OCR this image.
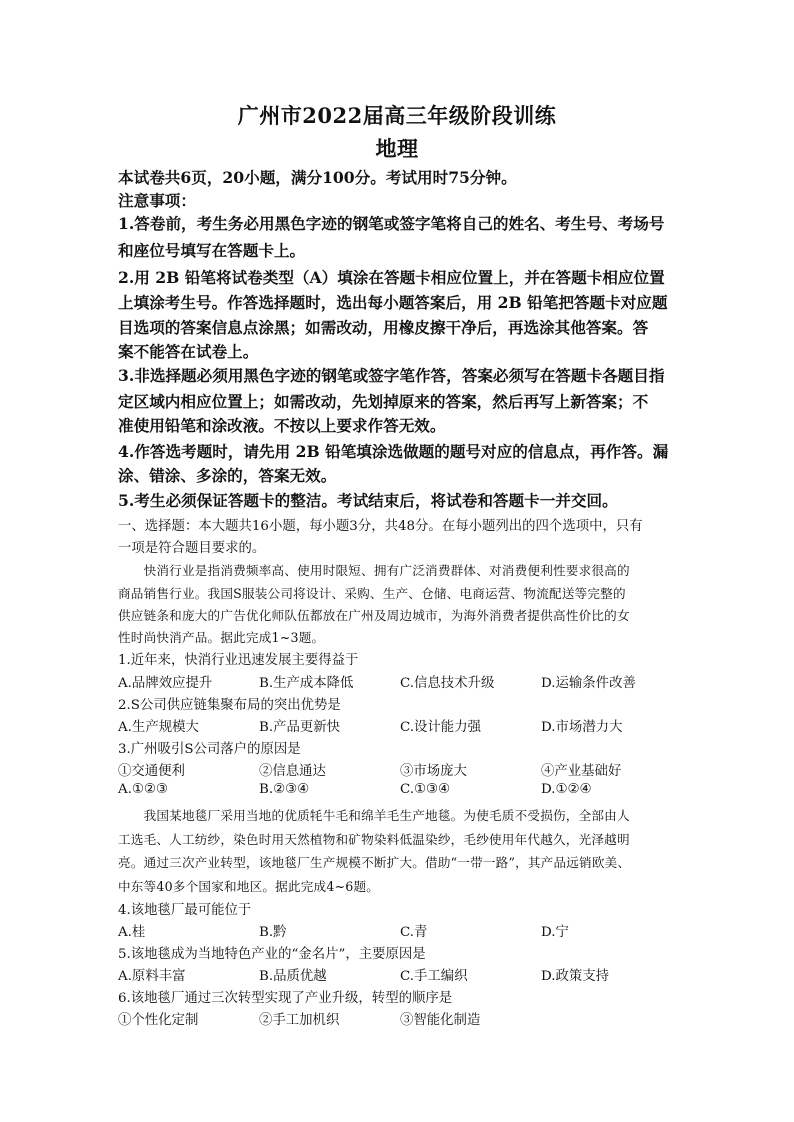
广州市2022届高三年级阶段训练
地理
本试卷共6页，20小题，满分100分。考试用时75分钟。
注意事项：
1.答卷前，考生务必用黑色字迹的钢笔或签字笔将自己的姓名、考生号、考场号
和座位号填写在答题卡上。
2.用 2B 铅笔将试卷类型（A）填涂在答题卡相应位置上，并在答题卡相应位置
上填涂考生号。作答选择题时，选出每小题答案后，用 2B 铅笔把答题卡对应题
目选项的答案信息点涂黑；如需改动，用橡皮擦干净后，再选涂其他答案。答
案不能答在试卷上。
3.非选择题必须用黑色字迹的钢笔或签字笔作答，答案必须写在答题卡各题目指
定区域内相应位置上；如需改动，先划掉原来的答案，然后再写上新答案；不
准使用铅笔和涂改液。不按以上要求作答无效。
4.作答选考题时，请先用 2B 铅笔填涂选做题的题号对应的信息点，再作答。漏
涂、错涂、多涂的，答案无效。
5.考生必须保证答题卡的整洁。考试结束后，将试卷和答题卡一并交回。
一、选择题：本大题共16小题，每小题3分，共48分。在每小题列出的四个选项中，只有
一项是符合题目要求的。
　　快消行业是指消费频率高、使用时限短、拥有广泛消费群体、对消费便利性要求很高的
商品销售行业。我国S服装公司将设计、采购、生产、仓储、电商运营、物流配送等完整的
供应链条和庞大的广告优化师队伍都放在广州及周边城市，为海外消费者提供高性价比的女
性时尚快消产品。据此完成1~3题。
1.近年来，快消行业迅速发展主要得益于
A.品牌效应提升	B.生产成本降低	C.信息技术升级	D.运输条件改善
2.S公司供应链集聚布局的突出优势是
A.生产规模大	B.产品更新快	C.设计能力强	D.市场潜力大
3.广州吸引S公司落户的原因是
①交通便利	②信息通达	③市场庞大	④产业基础好
A.①②③	B.②③④	C.①③④	D.①②④
　　我国某地毯厂采用当地的优质牦牛毛和绵羊毛生产地毯。为使毛质不受损伤，全部由人
工选毛、人工纺纱，染色时用天然植物和矿物染料低温染纱，毛纱使用年代越久，光泽越明
亮。通过三次产业转型，该地毯厂生产规模不断扩大。借助“一带一路”，其产品远销欧美、
中东等40多个国家和地区。据此完成4~6题。
4.该地毯厂最可能位于
A.桂	B.黔	C.青	D.宁
5.该地毯成为当地特色产业的“金名片”，主要原因是
A.原料丰富	B.品质优越	C.手工编织	D.政策支持
6.该地毯厂通过三次转型实现了产业升级，转型的顺序是
①个性化定制	②手工加机织	③智能化制造
